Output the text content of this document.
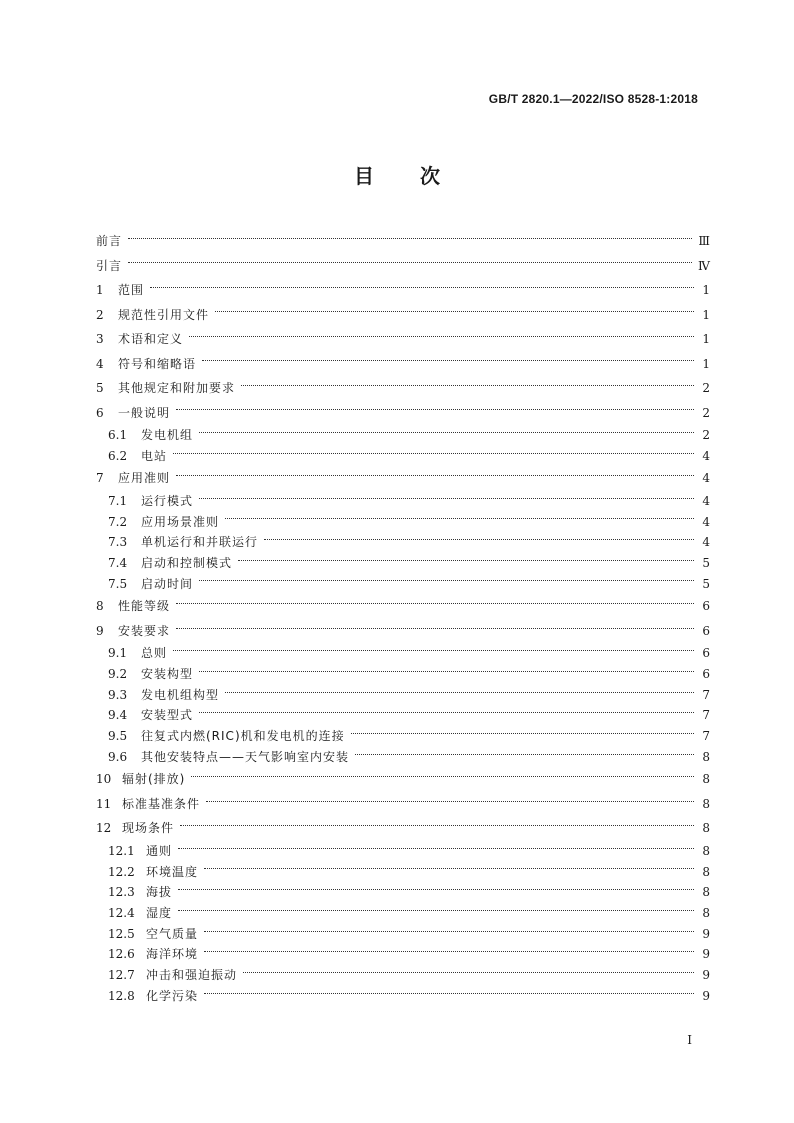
GB/T 2820.1—2022/ISO 8528-1:2018
目 次
前言	Ⅲ
引言	Ⅳ
1	范围	1
2	规范性引用文件	1
3	术语和定义	1
4	符号和缩略语	1
5	其他规定和附加要求	2
6	一般说明	2
6.1	发电机组	2
6.2	电站	4
7	应用准则	4
7.1	运行模式	4
7.2	应用场景准则	4
7.3	单机运行和并联运行	4
7.4	启动和控制模式	5
7.5	启动时间	5
8	性能等级	6
9	安装要求	6
9.1	总则	6
9.2	安装构型	6
9.3	发电机组构型	7
9.4	安装型式	7
9.5	往复式内燃(RIC)机和发电机的连接	7
9.6	其他安装特点——天气影响室内安装	8
10 辐射(排放)	8
11 标准基准条件	8
12 现场条件	8
12.1 通则	8
12.2 环境温度	8
12.3 海拔	8
12.4 湿度	8
12.5 空气质量	9
12.6 海洋环境	9
12.7 冲击和强迫振动	9
12.8 化学污染	9
I
